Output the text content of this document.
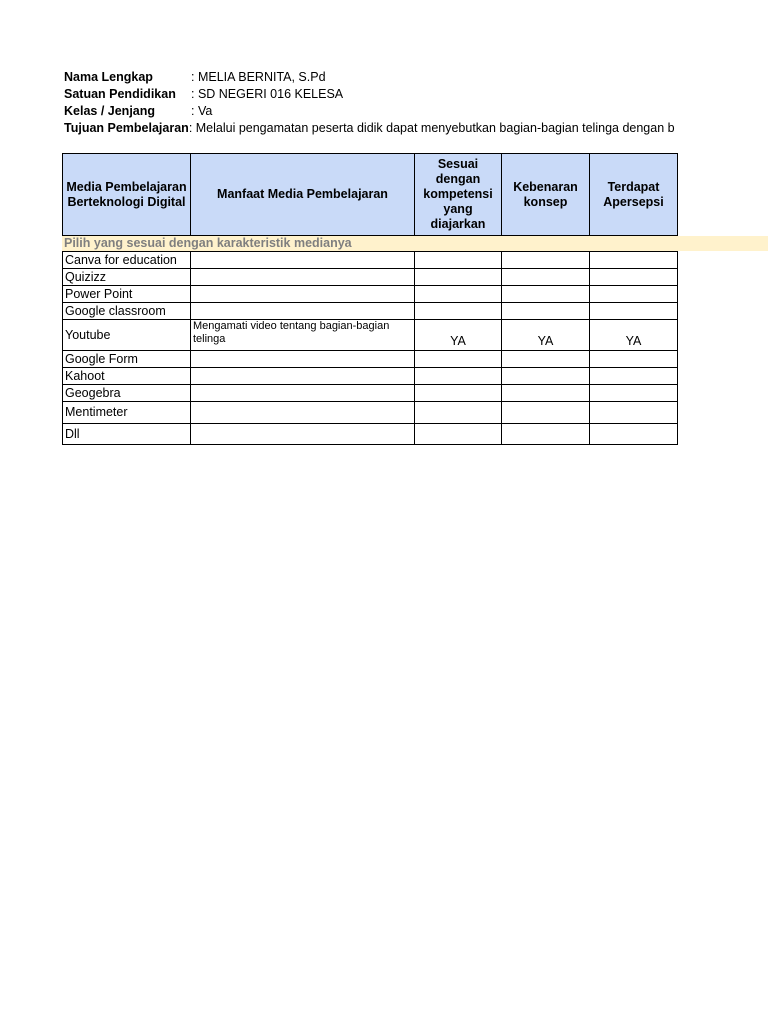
Nama Lengkap	: MELIA BERNITA, S.Pd
Satuan Pendidikan	: SD NEGERI 016 KELESA
Kelas / Jenjang	: Va
Tujuan Pembelajaran : Melalui pengamatan peserta didik dapat menyebutkan bagian-bagian telinga dengan b
Media Pembelajaran Berteknologi Digital	Manfaat Media Pembelajaran	Sesuai dengan kompetensi yang diajarkan	Kebenaran konsep	Terdapat Apersepsi

Canva for education				
Quizizz				
Power Point				
Google classroom				
Youtube	Mengamati video tentang bagian-bagian telinga	YA	YA	YA
Google Form				
Kahoot				
Geogebra				
Mentimeter				
Dll				
Pilih yang sesuai dengan karakteristik medianya
